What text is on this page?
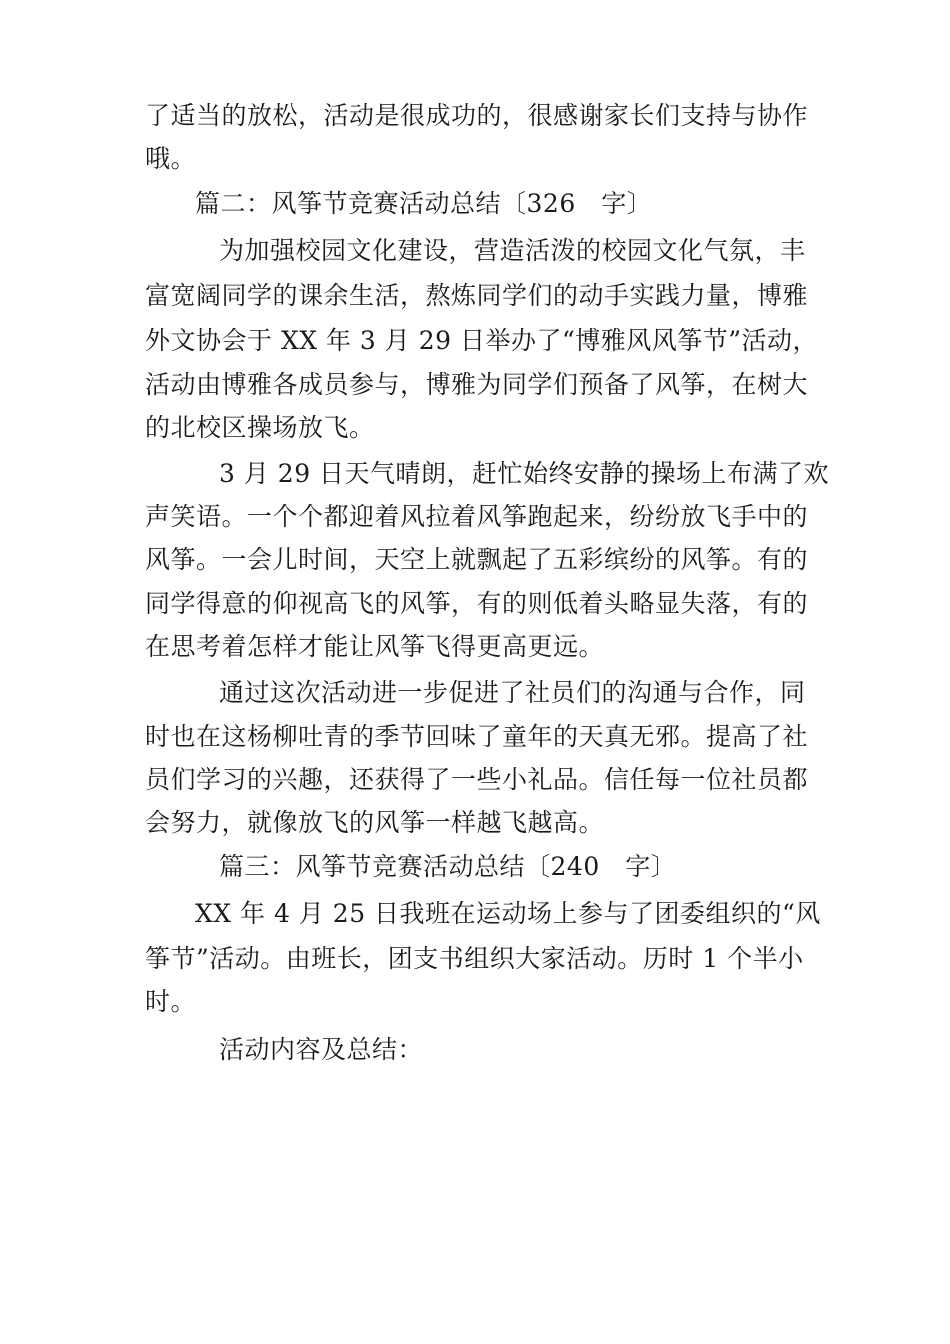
了适当的放松，活动是很成功的，很感谢家长们支持与协作
哦。
篇二：风筝节竞赛活动总结〔326　字〕
为加强校园文化建设，营造活泼的校园文化气氛，丰
富宽阔同学的课余生活，熬炼同学们的动手实践力量，博雅
外文协会于 XX 年 3 月 29 日举办了“博雅风风筝节”活动，
活动由博雅各成员参与，博雅为同学们预备了风筝，在树大
的北校区操场放飞。
3 月 29 日天气晴朗，赶忙始终安静的操场上布满了欢
声笑语。一个个都迎着风拉着风筝跑起来，纷纷放飞手中的
风筝。一会儿时间，天空上就飘起了五彩缤纷的风筝。有的
同学得意的仰视高飞的风筝，有的则低着头略显失落，有的
在思考着怎样才能让风筝飞得更高更远。
通过这次活动进一步促进了社员们的沟通与合作，同
时也在这杨柳吐青的季节回味了童年的天真无邪。提高了社
员们学习的兴趣，还获得了一些小礼品。信任每一位社员都
会努力，就像放飞的风筝一样越飞越高。
篇三：风筝节竞赛活动总结〔240　字〕
XX 年 4 月 25 日我班在运动场上参与了团委组织的“风
筝节”活动。由班长，团支书组织大家活动。历时 1 个半小
时。
活动内容及总结：
